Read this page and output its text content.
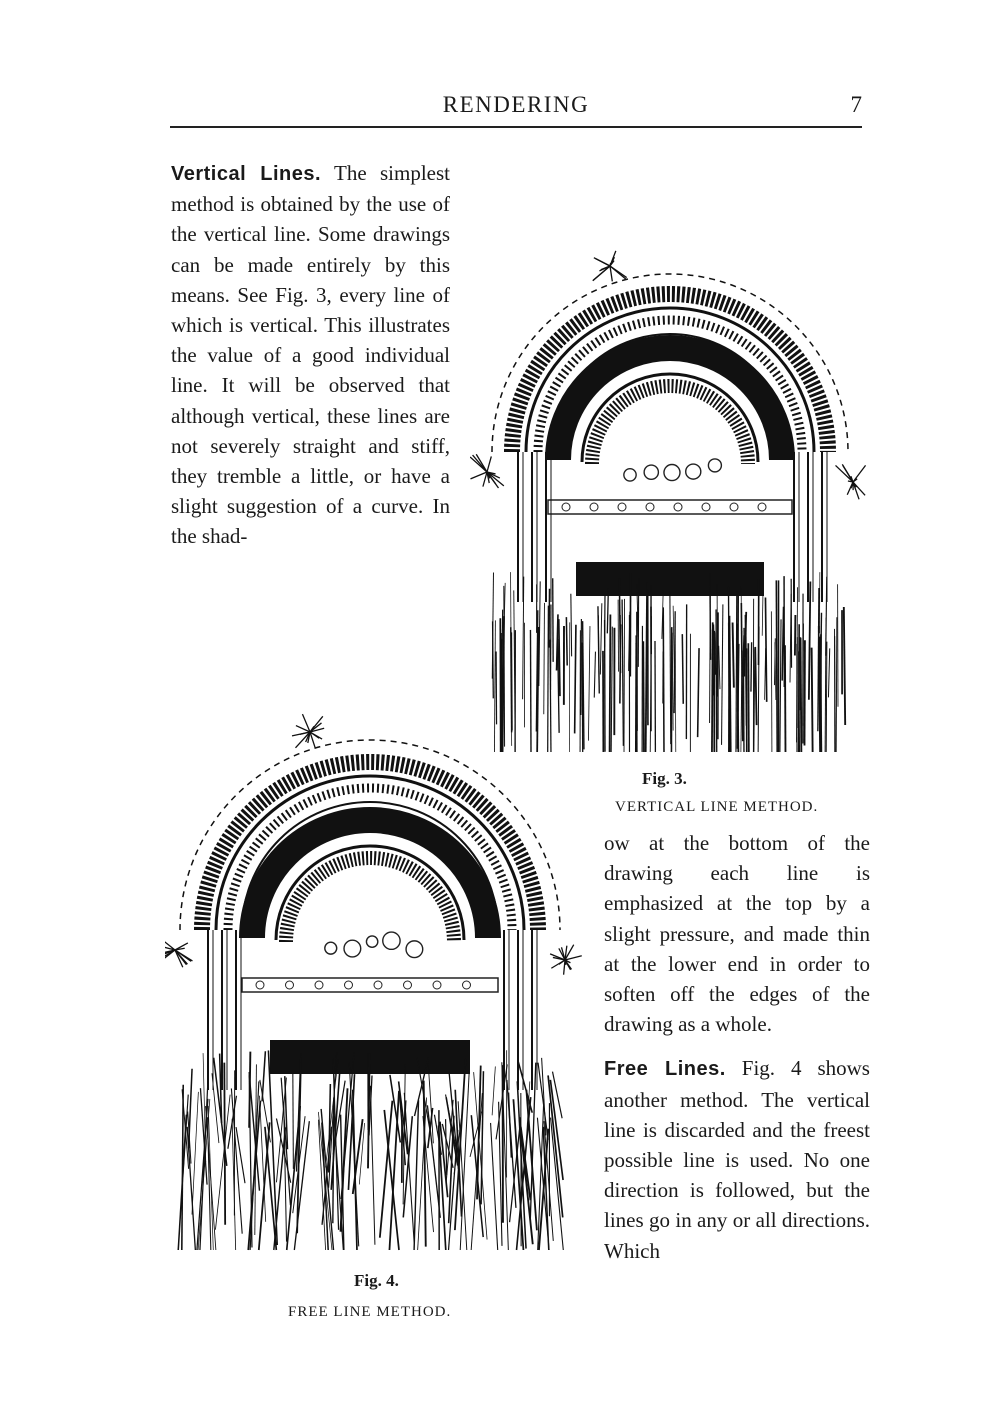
RENDERING	7

Vertical Lines. The simplest method is obtained by the use of the vertical line. Some drawings can be made entirely by this means. See Fig. 3, every line of which is vertical. This illustrates the value of a good individual line. It will be observed that although vertical, these lines are not severely straight and stiff, they tremble a little, or have a slight suggestion of a curve. In the shad-

Fig. 3.
VERTICAL LINE METHOD.
Fig. 4.
FREE LINE METHOD.

ow at the bottom of the drawing each line is emphasized at the top by a slight pressure, and made thin at the lower end in order to soften off the edges of the drawing as a whole.

Free Lines. Fig. 4 shows another method. The vertical line is discarded and the freest possible line is used. No one direction is followed, but the lines go in any or all directions. Which
